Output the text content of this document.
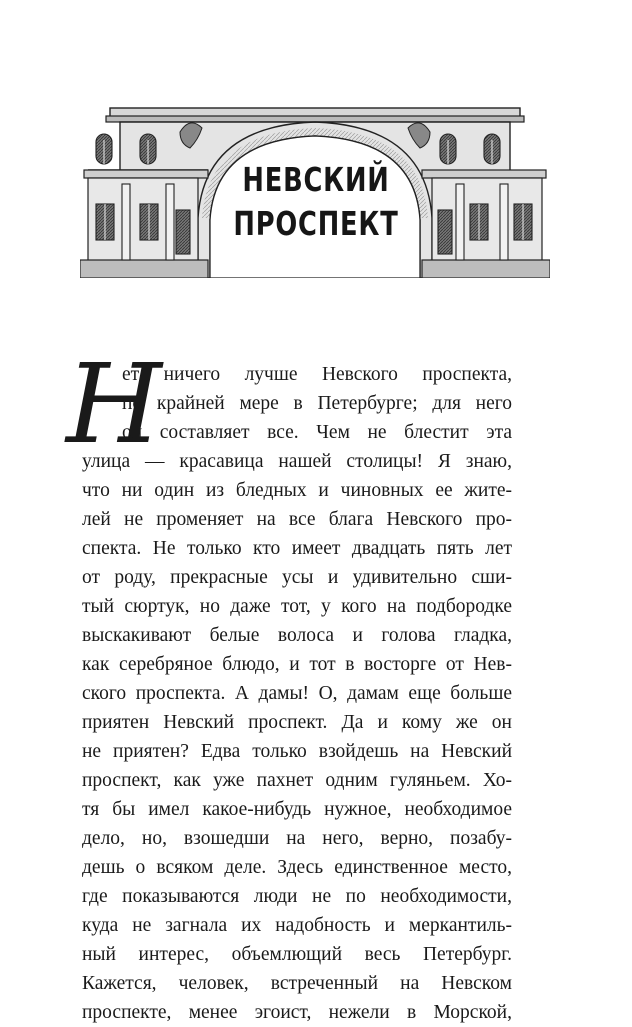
НЕВСКИЙ
ПРОСПЕКТ
Н
ет ничего лучше Невского проспекта,
по крайней мере в Петербурге; для него
он составляет все. Чем не блестит эта
улица — красавица нашей столицы! Я знаю,
что ни один из бледных и чиновных ее жите-
лей не променяет на все блага Невского про-
спекта. Не только кто имеет двадцать пять лет
от роду, прекрасные усы и удивительно сши-
тый сюртук, но даже тот, у кого на подбородке
выскакивают белые волоса и голова гладка,
как серебряное блюдо, и тот в восторге от Нев-
ского проспекта. А дамы! О, дамам еще больше
приятен Невский проспект. Да и кому же он
не приятен? Едва только взойдешь на Невский
проспект, как уже пахнет одним гуляньем. Хо-
тя бы имел какое-нибудь нужное, необходимое
дело, но, взошедши на него, верно, позабу-
дешь о всяком деле. Здесь единственное место,
где показываются люди не по необходимости,
куда не загнала их надобность и меркантиль-
ный интерес, объемлющий весь Петербург.
Кажется, человек, встреченный на Невском
проспекте, менее эгоист, нежели в Морской,
